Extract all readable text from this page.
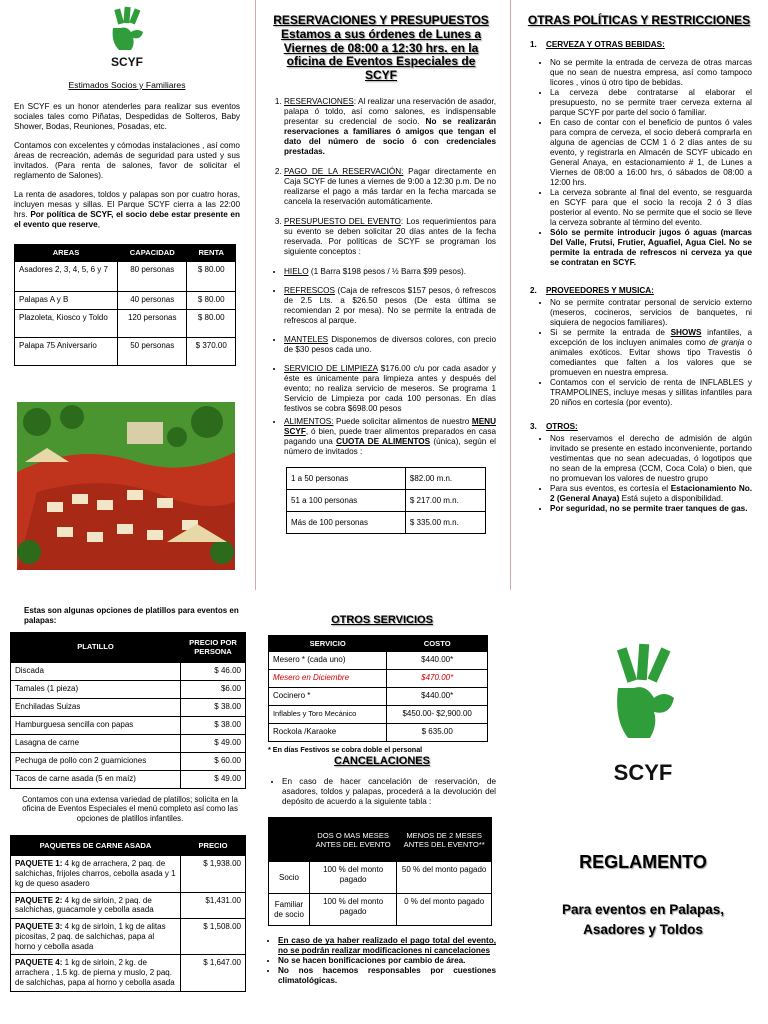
SCYF
Estimados Socios y Familiares

En SCYF es un honor atenderles para realizar sus eventos sociales tales como Piñatas, Despedidas de Solteros, Baby Shower, Bodas, Reuniones, Posadas, etc.

Contamos con excelentes y cómodas instalaciones , así como áreas de recreación, además de seguridad para usted y sus invitados. (Para renta de salones, favor de solicitar el reglamento de Salones).

La renta de asadores, toldos y palapas son por cuatro horas, incluyen mesas y sillas. El Parque SCYF cierra a las 22:00 hrs. Por política de SCYF, el socio debe estar presente en el evento que reserve,

AREAS	CAPACIDAD	RENTA
Asadores 2, 3, 4, 5, 6 y 7	80 personas	$ 80.00
Palapas A y B	40 personas	$ 80.00
Plazoleta, Kiosco y Toldo	120 personas	$ 80.00
Palapa 75 Aniversario	50 personas	$ 370.00
RESERVACIONES Y PRESUPUESTOS Estamos a sus órdenes de Lunes a Viernes de 08:00 a 12:30 hrs. en la oficina de Eventos Especiales de SCYF
1. RESERVACIONES: Al realizar una reservación de asador, palapa ó toldo, así como salones, es indispensable presentar su credencial de socio. No se realizarán reservaciones a familiares ó amigos que tengan el dato del número de socio ó con credenciales prestadas.
2. PAGO DE LA RESERVACIÓN: Pagar directamente en Caja SCYF de lunes a viernes de 9:00 a 12:30 p.m. De no realizarse el pago a más tardar en la fecha marcada se cancela la reservación automáticamente.
3. PRESUPUESTO DEL EVENTO: Los requerimientos para su evento se deben solicitar 20 días antes de la fecha reservada. Por políticas de SCYF se programan los siguiente conceptos :
• HIELO (1 Barra $198 pesos / ½ Barra $99 pesos).
• REFRESCOS (Caja de refrescos $157 pesos, ó refrescos de 2.5 Lts. a $26.50 pesos (De esta última se recomiendan 2 por mesa). No se permite la entrada de refrescos al parque.
• MANTELES Disponemos de diversos colores, con precio de $30 pesos cada uno.
• SERVICIO DE LIMPIEZA $176.00 c/u por cada asador y éste es únicamente para limpieza antes y después del evento; no realiza servicio de meseros. Se programa 1 Servicio de Limpieza por cada 100 personas. En días festivos se cobra $698.00 pesos
• ALIMENTOS: Puede solicitar alimentos de nuestro MENU SCYF, ó bien, puede traer alimentos preparados en casa pagando una CUOTA DE ALIMENTOS (única), según el número de invitados :
1 a 50 personas	$82.00 m.n.
51 a 100 personas	$ 217.00 m.n.
Más de 100 personas	$ 335.00 m.n.
OTRAS POLÍTICAS Y RESTRICCIONES
1.    CERVEZA Y OTRAS BEBIDAS:
• No se permite la entrada de cerveza de otras marcas que no sean de nuestra empresa, así como tampoco licores , vinos ú otro tipo de bebidas.
• La cerveza debe contratarse al elaborar el presupuesto, no se permite traer cerveza externa al parque SCYF por parte del socio ó familiar.
• En caso de contar con el beneficio de puntos ó vales para compra de cerveza, el socio deberá comprarla en alguna de agencias de CCM 1 ó 2 días antes de su evento, y registrarla en Almacén de SCYF ubicado en General Anaya, en estacionamiento # 1, de Lunes a Viernes de 08:00 a 16:00 hrs, ó sábados de 08:00 a 12:00 hrs.
• La cerveza sobrante al final del evento, se resguarda en SCYF para que el socio la recoja 2 ó 3 días posterior al evento. No se permite que el socio se lleve la cerveza sobrante al término del evento.
• Sólo se permite introducir jugos ó aguas (marcas Del Valle, Frutsi, Frutier, Aguafiel, Agua Ciel. No se permite la entrada de refrescos ni cerveza ya que se contratan en SCYF.
2.    PROVEEDORES Y MUSICA:
• No se permite contratar personal de servicio externo (meseros, cocineros, servicios de banquetes, ni siquiera de negocios familiares).
• Si se permite la entrada de SHOWS infantiles, a excepción de los incluyen animales como de granja o animales exóticos. Evitar shows tipo Travestis ó comediantes que falten a los valores que se promueven en nuestra empresa.
• Contamos con el servicio de renta de INFLABLES y TRAMPOLINES, incluye mesas y sillitas infantiles para 20 niños en cortesía (por evento).
3.    OTROS:
• Nos reservamos el derecho de admisión de algún invitado se presente en estado inconveniente, portando vestimentas que no sean adecuadas, ó logotipos que no sean de la empresa (CCM, Coca Cola) o bien, que no promuevan los valores de nuestro grupo
• Para sus eventos, es cortesía el Estacionamiento No. 2 (General Anaya) Está sujeto a disponibilidad.
• Por seguridad, no se permite traer tanques de gas.
Estas son algunas opciones de platillos para eventos en palapas:
PLATILLO	PRECIO POR PERSONA
Discada	$ 46.00
Tamales (1 pieza)	$6.00
Enchiladas Suizas	$ 38.00
Hamburguesa sencilla con papas	$ 38.00
Lasagna de carne	$ 49.00
Pechuga de pollo con 2 guarniciones	$ 60.00
Tacos de carne asada (5 en maíz)	$ 49.00
Contamos con una extensa variedad de platillos; solicita en la oficina de Eventos Especiales el menú completo así como las opciones de platillos infantiles.
PAQUETES DE CARNE ASADA	PRECIO
PAQUETE 1: 4 kg de arrachera, 2 paq. de salchichas, frijoles charros, cebolla asada y 1 kg de queso asadero	$ 1,938.00
PAQUETE 2: 4 kg de sirloin, 2 paq. de salchichas, guacamole y cebolla asada	$1,431.00
PAQUETE 3: 4 kg de sirloin, 1 kg de alitas picositas, 2 paq. de salchichas, papa al horno y cebolla asada	$ 1,508.00
PAQUETE 4: 1 kg de sirloin, 2 kg. de arrachera , 1.5 kg. de pierna y muslo, 2 paq. de salchichas, papa al horno y cebolla asada	$ 1,647.00
OTROS SERVICIOS
SERVICIO	COSTO
Mesero * (cada uno)	$440.00*
Mesero en Diciembre	$470.00*
Cocinero *	$440.00*
Inflables y Toro Mecánico	$450.00- $2,900.00
Rockola /Karaoke	$ 635.00
* En días Festivos se cobra doble el personal
CANCELACIONES
• En caso de hacer cancelación de reservación, de asadores, toldos y palapas, procederá a la devolución del depósito de acuerdo a la siguiente tabla :
	DOS O MAS MESES ANTES DEL EVENTO	MENOS DE 2 MESES ANTES DEL EVENTO**
Socio	100 % del monto pagado	50 % del monto pagado
Familiar de socio	100 % del monto pagado	0 % del monto pagado
• En caso de ya haber realizado el pago total del evento, no se podrán realizar modificaciones ni cancelaciones
• No se hacen bonificaciones por cambio de área.
• No nos hacemos responsables por cuestiones climatológicas.
SCYF
REGLAMENTO
Para eventos en Palapas, Asadores y Toldos
